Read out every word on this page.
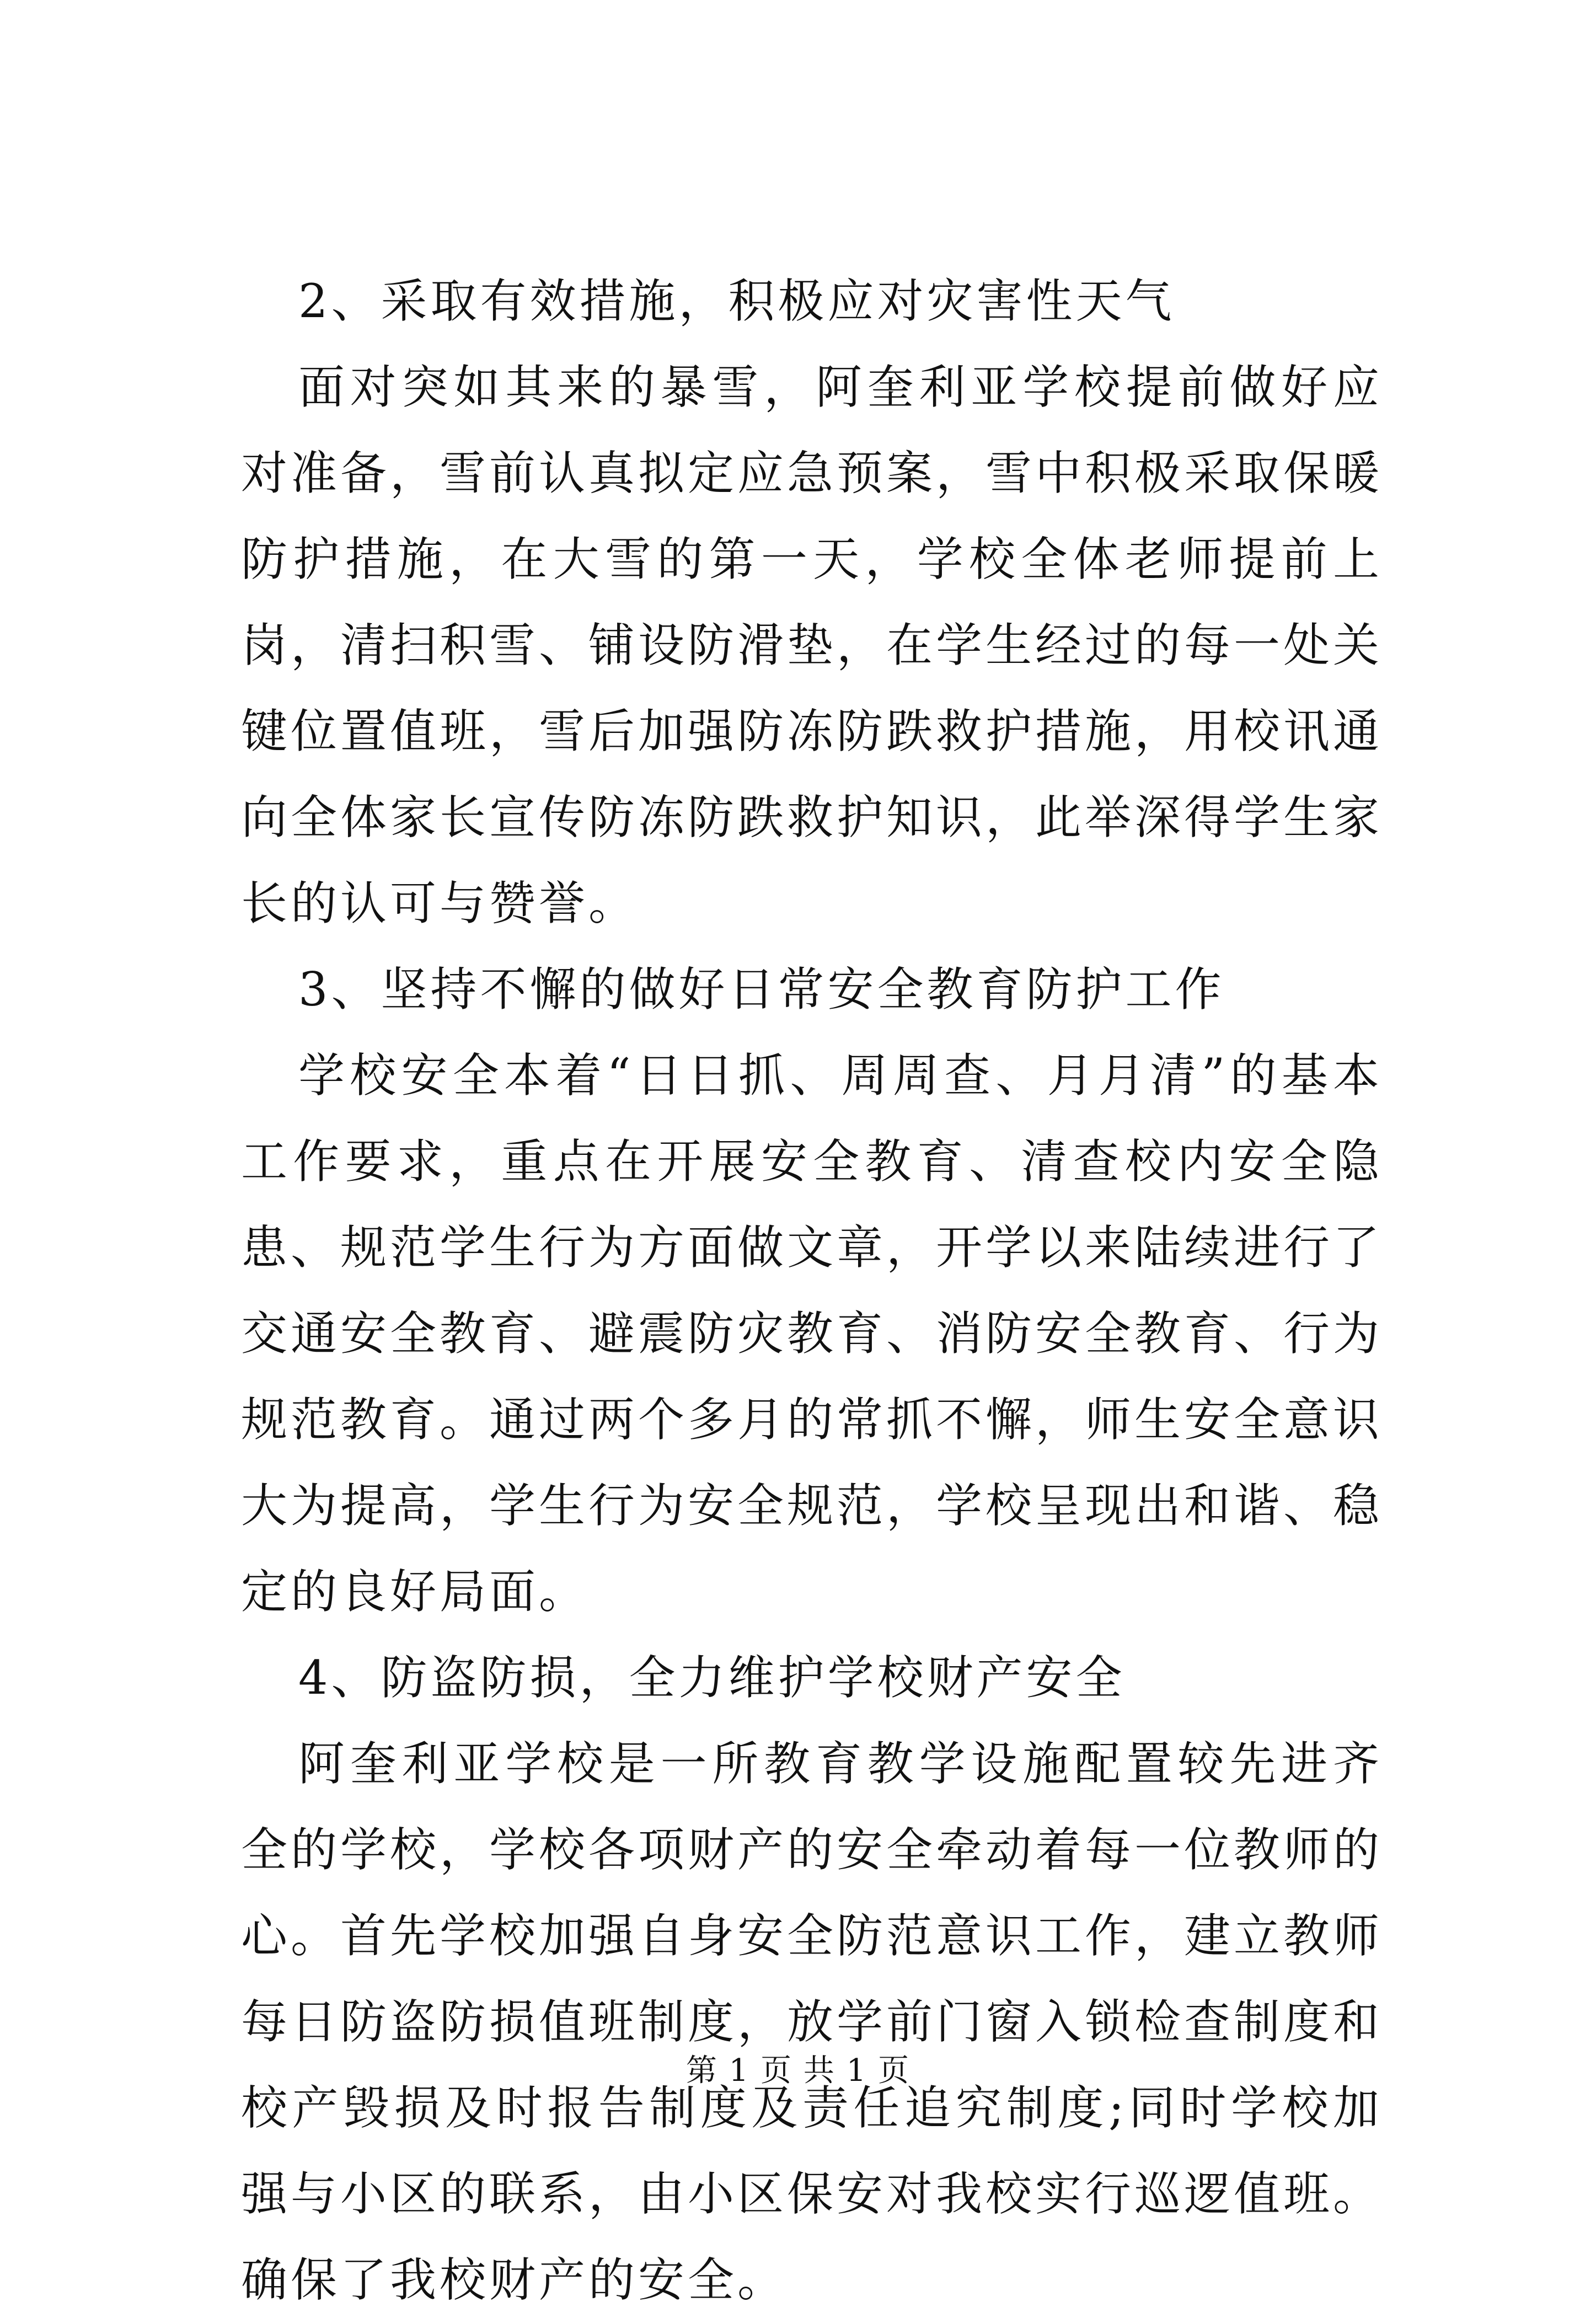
2、采取有效措施，积极应对灾害性天气

面对突如其来的暴雪，阿奎利亚学校提前做好应对准备，雪前认真拟定应急预案，雪中积极采取保暖防护措施，在大雪的第一天，学校全体老师提前上岗，清扫积雪、铺设防滑垫，在学生经过的每一处关键位置值班，雪后加强防冻防跌救护措施，用校讯通向全体家长宣传防冻防跌救护知识，此举深得学生家长的认可与赞誉。

3、坚持不懈的做好日常安全教育防护工作

学校安全本着“日日抓、周周查、月月清”的基本工作要求，重点在开展安全教育、清查校内安全隐患、规范学生行为方面做文章，开学以来陆续进行了交通安全教育、避震防灾教育、消防安全教育、行为规范教育。通过两个多月的常抓不懈，师生安全意识大为提高，学生行为安全规范，学校呈现出和谐、稳定的良好局面。

4、防盗防损，全力维护学校财产安全

阿奎利亚学校是一所教育教学设施配置较先进齐全的学校，学校各项财产的安全牵动着每一位教师的心。首先学校加强自身安全防范意识工作，建立教师每日防盗防损值班制度，放学前门窗入锁检查制度和校产毁损及时报告制度及责任追究制度;同时学校加强与小区的联系，由小区保安对我校实行巡逻值班。确保了我校财产的安全。

第 1 页 共 1 页
